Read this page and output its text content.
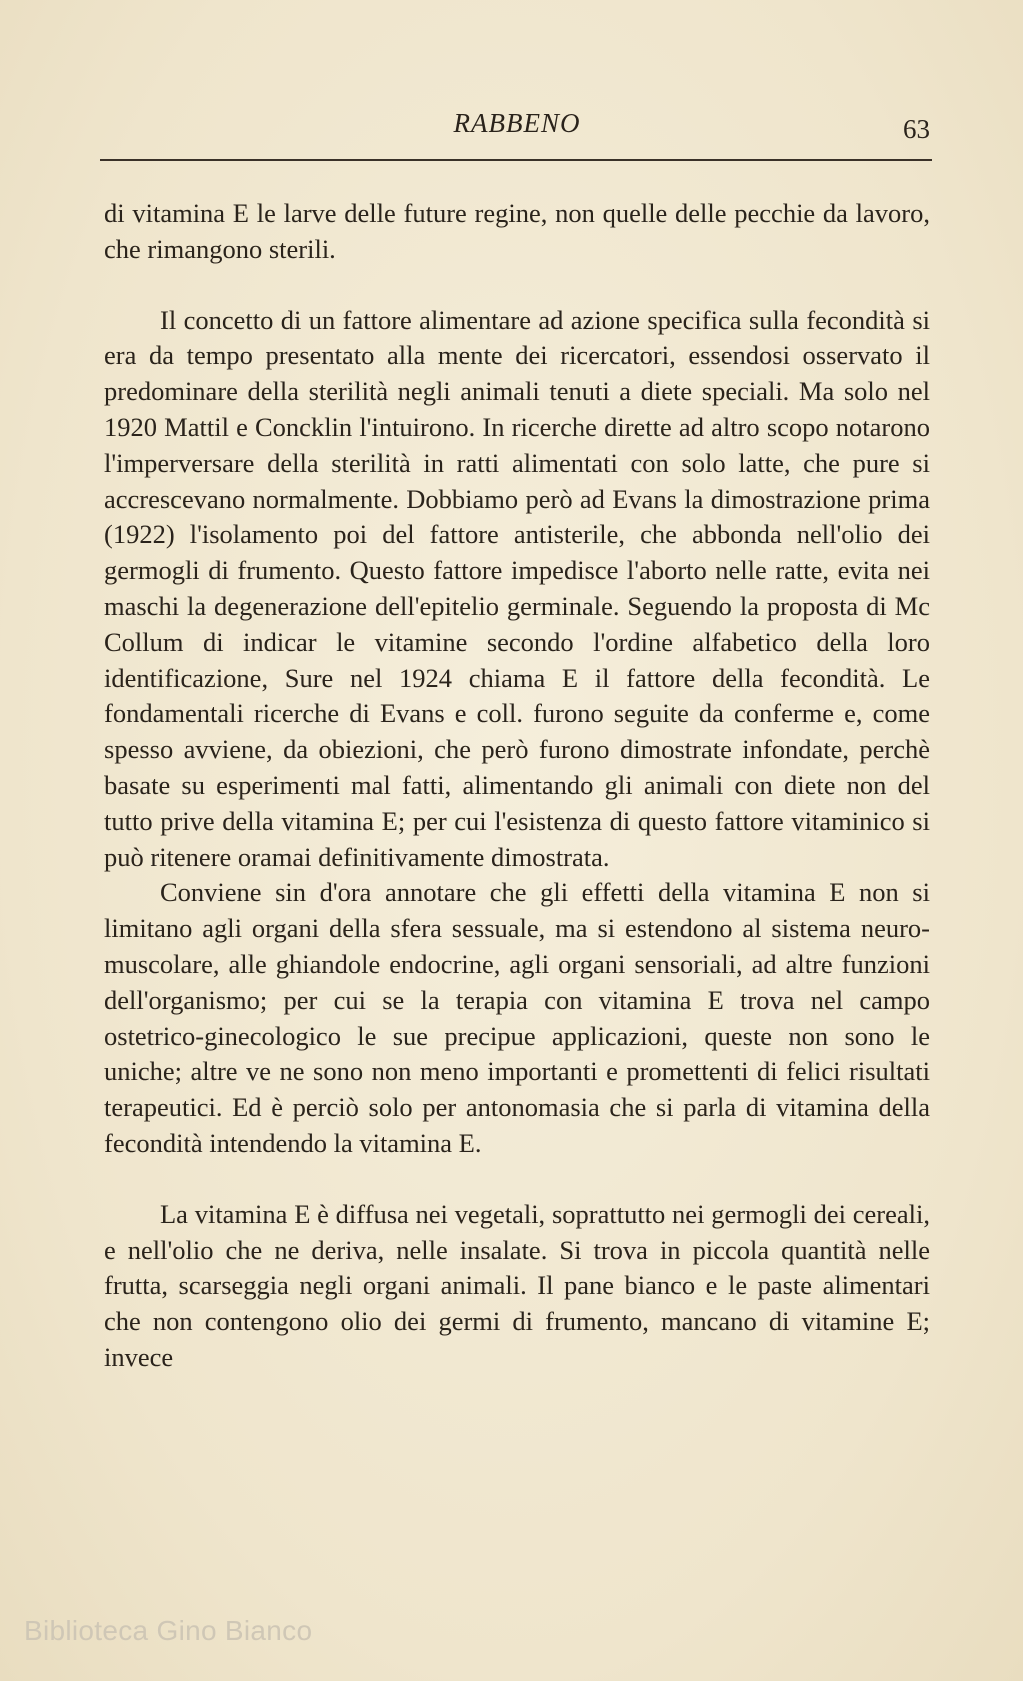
RABBENO	63

di vitamina E le larve delle future regine, non quelle delle pecchie da lavoro, che rimangono sterili.

Il concetto di un fattore alimentare ad azione specifica sulla fecondità si era da tempo presentato alla mente dei ricercatori, essendosi osservato il predominare della sterilità negli animali tenuti a diete speciali. Ma solo nel 1920 Mattil e Concklin l'intuirono. In ricerche dirette ad altro scopo notarono l'imperversare della sterilità in ratti alimentati con solo latte, che pure si accrescevano normalmente. Dobbiamo però ad Evans la dimostrazione prima (1922) l'isolamento poi del fattore antisterile, che abbonda nell'olio dei germogli di frumento. Questo fattore impedisce l'aborto nelle ratte, evita nei maschi la degenerazione dell'epitelio germinale. Seguendo la proposta di Mc Collum di indicar le vitamine secondo l'ordine alfabetico della loro identificazione, Sure nel 1924 chiama E il fattore della fecondità. Le fondamentali ricerche di Evans e coll. furono seguite da conferme e, come spesso avviene, da obiezioni, che però furono dimostrate infondate, perchè basate su esperimenti mal fatti, alimentando gli animali con diete non del tutto prive della vitamina E; per cui l'esistenza di questo fattore vitaminico si può ritenere oramai definitivamente dimostrata.

Conviene sin d'ora annotare che gli effetti della vitamina E non si limitano agli organi della sfera sessuale, ma si estendono al sistema neuro-muscolare, alle ghiandole endocrine, agli organi sensoriali, ad altre funzioni dell'organismo; per cui se la terapia con vitamina E trova nel campo ostetrico-ginecologico le sue precipue applicazioni, queste non sono le uniche; altre ve ne sono non meno importanti e promettenti di felici risultati terapeutici. Ed è perciò solo per antonomasia che si parla di vitamina della fecondità intendendo la vitamina E.

La vitamina E è diffusa nei vegetali, soprattutto nei germogli dei cereali, e nell'olio che ne deriva, nelle insalate. Si trova in piccola quantità nelle frutta, scarseggia negli organi animali. Il pane bianco e le paste alimentari che non contengono olio dei germi di frumento, mancano di vitamine E; invece

Biblioteca Gino Bianco
